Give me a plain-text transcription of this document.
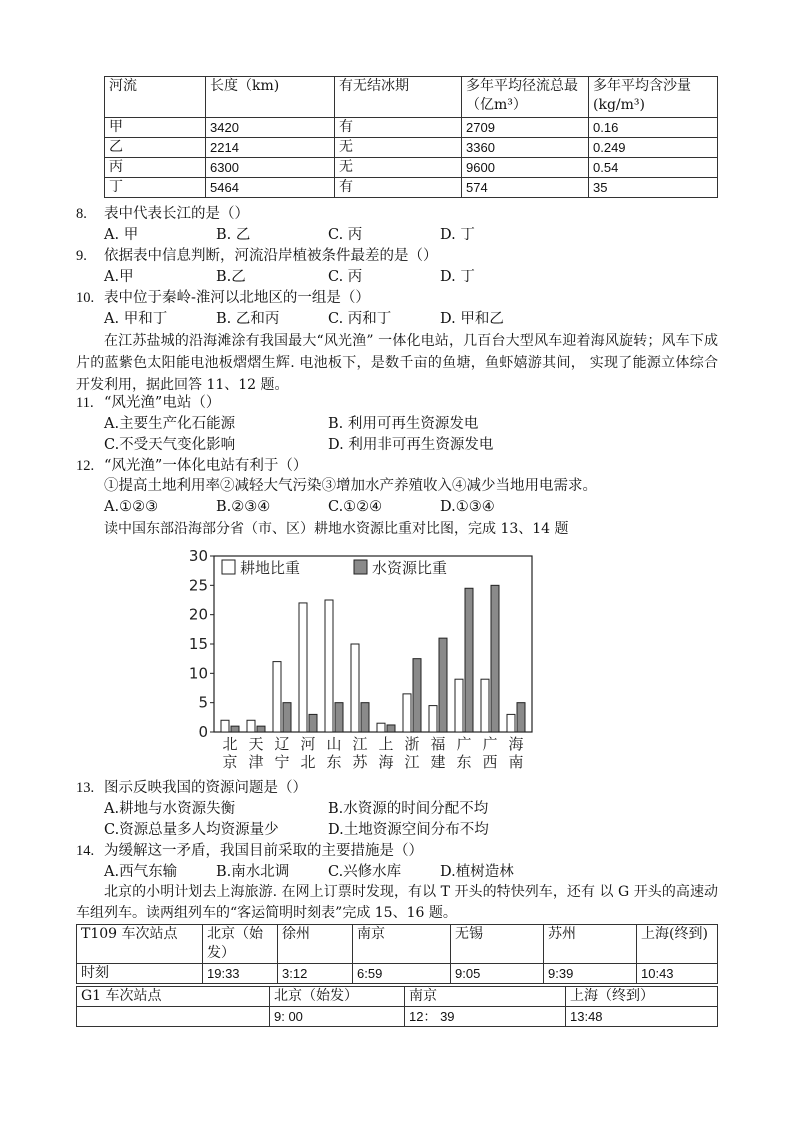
河流	长度（km)	有无结冰期	多年平均径流总最（亿m³）	多年平均含沙量(kg/m³)
甲	3420	有	2709	0.16
乙	2214	无	3360	0.249
丙	6300	无	9600	0.54
丁	5464	有	574	35
8. 表中代表长江的是（）
A. 甲	B. 乙	C. 丙	D. 丁
9. 依据表中信息判断，河流沿岸植被条件最差的是（）
A.甲	B.乙	C. 丙	D. 丁
10. 表中位于秦岭-淮河以北地区的一组是（）
A. 甲和丁	B. 乙和丙	C. 丙和丁	D. 甲和乙
在江苏盐城的沿海滩涂有我国最大“风光渔” 一体化电站，几百台大型风车迎着海风旋转；风车下成片的蓝紫色太阳能电池板熠熠生辉. 电池板下，是数千亩的鱼塘，鱼虾嬉游其间， 实现了能源立体综合开发利用，据此回答 11、12 题。
11. “风光渔”电站（）
A.主要生产化石能源	B. 利用可再生资源发电
C.不受天气变化影响	D. 利用非可再生资源发电
12. “风光渔”一体化电站有利于（）
①提高土地利用率②减轻大气污染③增加水产养殖收入④减少当地用电需求。
A.①②③	B.②③④	C.①②④	D.①③④
读中国东部沿海部分省（市、区）耕地水资源比重对比图，完成 13、14 题
0
5
10
15
20
25
30
北
京
天
津
辽
宁
河
北
山
东
江
苏
上
海
浙
江
福
建
广
东
广
西
海
南
耕地比重	水资源比重
13. 图示反映我国的资源问题是（）
A.耕地与水资源失衡	B.水资源的时间分配不均
C.资源总量多人均资源量少	D.土地资源空间分布不均
14. 为缓解这一矛盾，我国目前采取的主要措施是（）
A.西气东输	B.南水北调	C.兴修水库	D.植树造林
北京的小明计划去上海旅游. 在网上订票时发现，有以 T 开头的特快列车，还有 以 G 开头的高速动车组列车。读两组列车的“客运简明时刻表”完成 15、16 题。
T109 车次站点	北京（始发）	徐州	南京	无锡	苏州	上海(终到)
时刻	19:33	3:12	6:59	9:05	9:39	10:43
G1 车次站点	北京（始发）	南京	上海（终到）
	9: 00	12： 39	13:48
